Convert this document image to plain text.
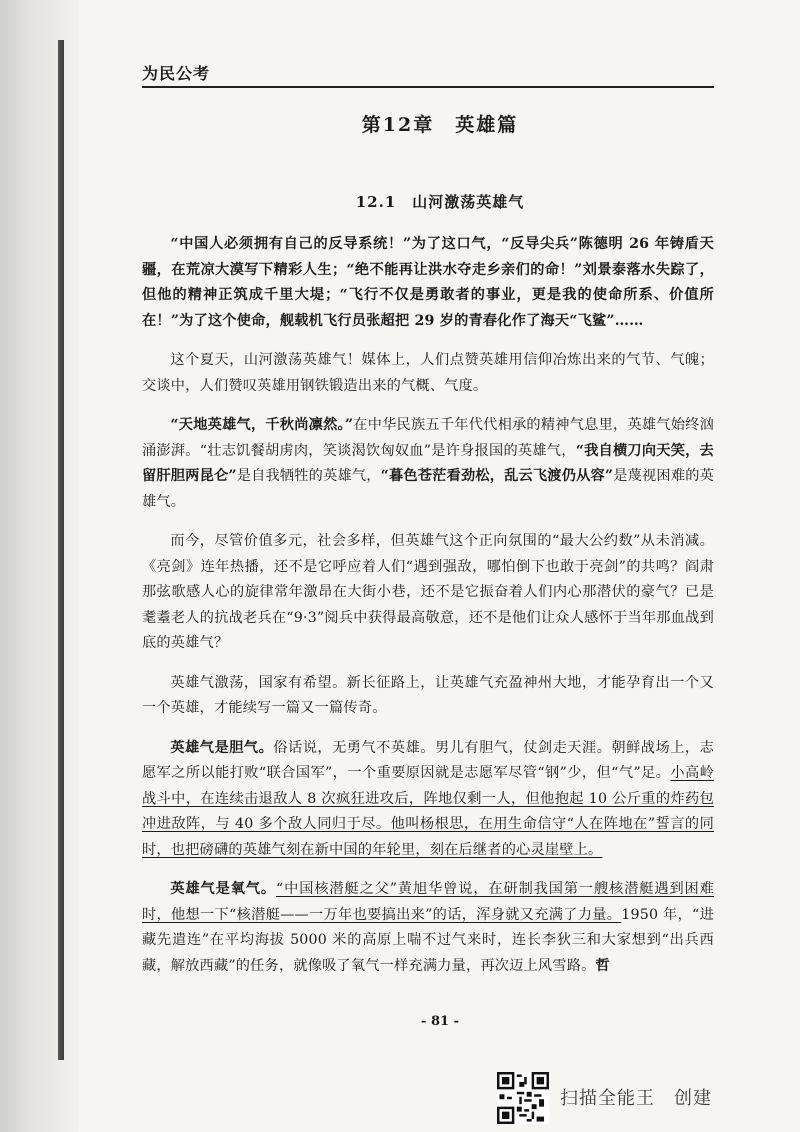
为民公考
第12章　英雄篇
12.1　山河激荡英雄气

“中国人必须拥有自己的反导系统！”为了这口气，“反导尖兵”陈德明 26 年铸盾天疆，在荒凉大漠写下精彩人生；“绝不能再让洪水夺走乡亲们的命！”刘景泰落水失踪了，但他的精神正筑成千里大堤；“飞行不仅是勇敢者的事业，更是我的使命所系、价值所在！”为了这个使命，舰载机飞行员张超把 29 岁的青春化作了海天“飞鲨”……

这个夏天，山河激荡英雄气！媒体上，人们点赞英雄用信仰冶炼出来的气节、气魄；交谈中，人们赞叹英雄用钢铁锻造出来的气概、气度。

“天地英雄气，千秋尚凛然。”在中华民族五千年代代相承的精神气息里，英雄气始终汹涌澎湃。“壮志饥餐胡虏肉，笑谈渴饮匈奴血”是许身报国的英雄气，“我自横刀向天笑，去留肝胆两昆仑”是自我牺牲的英雄气，“暮色苍茫看劲松，乱云飞渡仍从容”是蔑视困难的英雄气。

而今，尽管价值多元，社会多样，但英雄气这个正向氛围的“最大公约数”从未消减。《亮剑》连年热播，还不是它呼应着人们“遇到强敌，哪怕倒下也敢于亮剑”的共鸣？阎肃那弦歌感人心的旋律常年激昂在大街小巷，还不是它振奋着人们内心那潜伏的豪气？已是耄耋老人的抗战老兵在“9·3”阅兵中获得最高敬意，还不是他们让众人感怀于当年那血战到底的英雄气？

英雄气激荡，国家有希望。新长征路上，让英雄气充盈神州大地，才能孕育出一个又一个英雄，才能续写一篇又一篇传奇。

英雄气是胆气。俗话说，无勇气不英雄。男儿有胆气，仗剑走天涯。朝鲜战场上，志愿军之所以能打败“联合国军”，一个重要原因就是志愿军尽管“钢”少，但“气”足。小高岭战斗中，在连续击退敌人 8 次疯狂进攻后，阵地仅剩一人，但他抱起 10 公斤重的炸药包冲进敌阵，与 40 多个敌人同归于尽。他叫杨根思，在用生命信守“人在阵地在”誓言的同时，也把磅礴的英雄气刻在新中国的年轮里，刻在后继者的心灵崖壁上。

英雄气是氧气。“中国核潜艇之父”黄旭华曾说，在研制我国第一艘核潜艇遇到困难时，他想一下“核潜艇——一万年也要搞出来”的话，浑身就又充满了力量。1950 年，“进藏先遣连”在平均海拔 5000 米的高原上喘不过气来时，连长李狄三和大家想到“出兵西藏，解放西藏”的任务，就像吸了氧气一样充满力量，再次迈上风雪路。哲

- 81 -
扫描全能王　创建
